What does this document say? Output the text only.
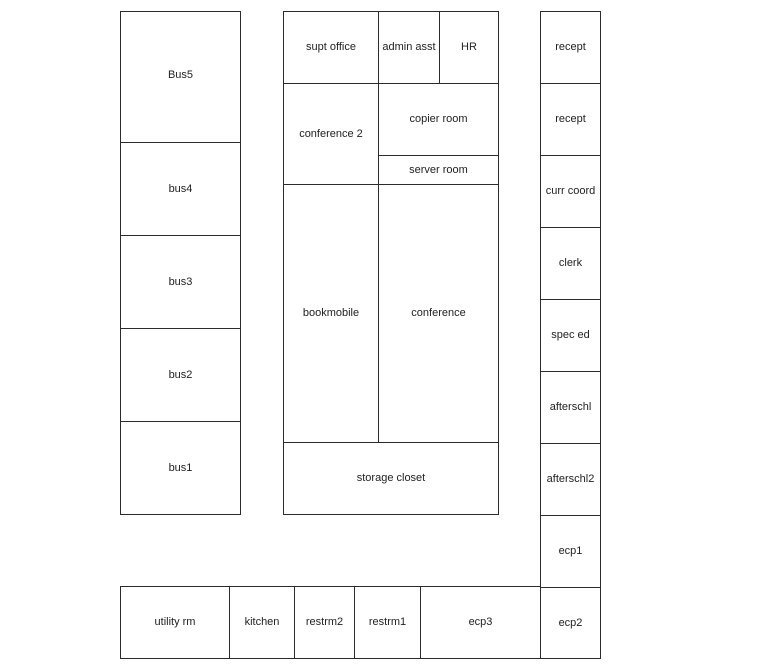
Bus5
bus4
bus3
bus2
bus1
supt office admin asst HR
conference 2
copier room
server room
bookmobile	conference
storage closet
recept
recept
curr coord
clerk
spec ed
afterschl
afterschl2
ecp1
ecp2
utility rm	kitchen restrm2 restrm1	ecp3
